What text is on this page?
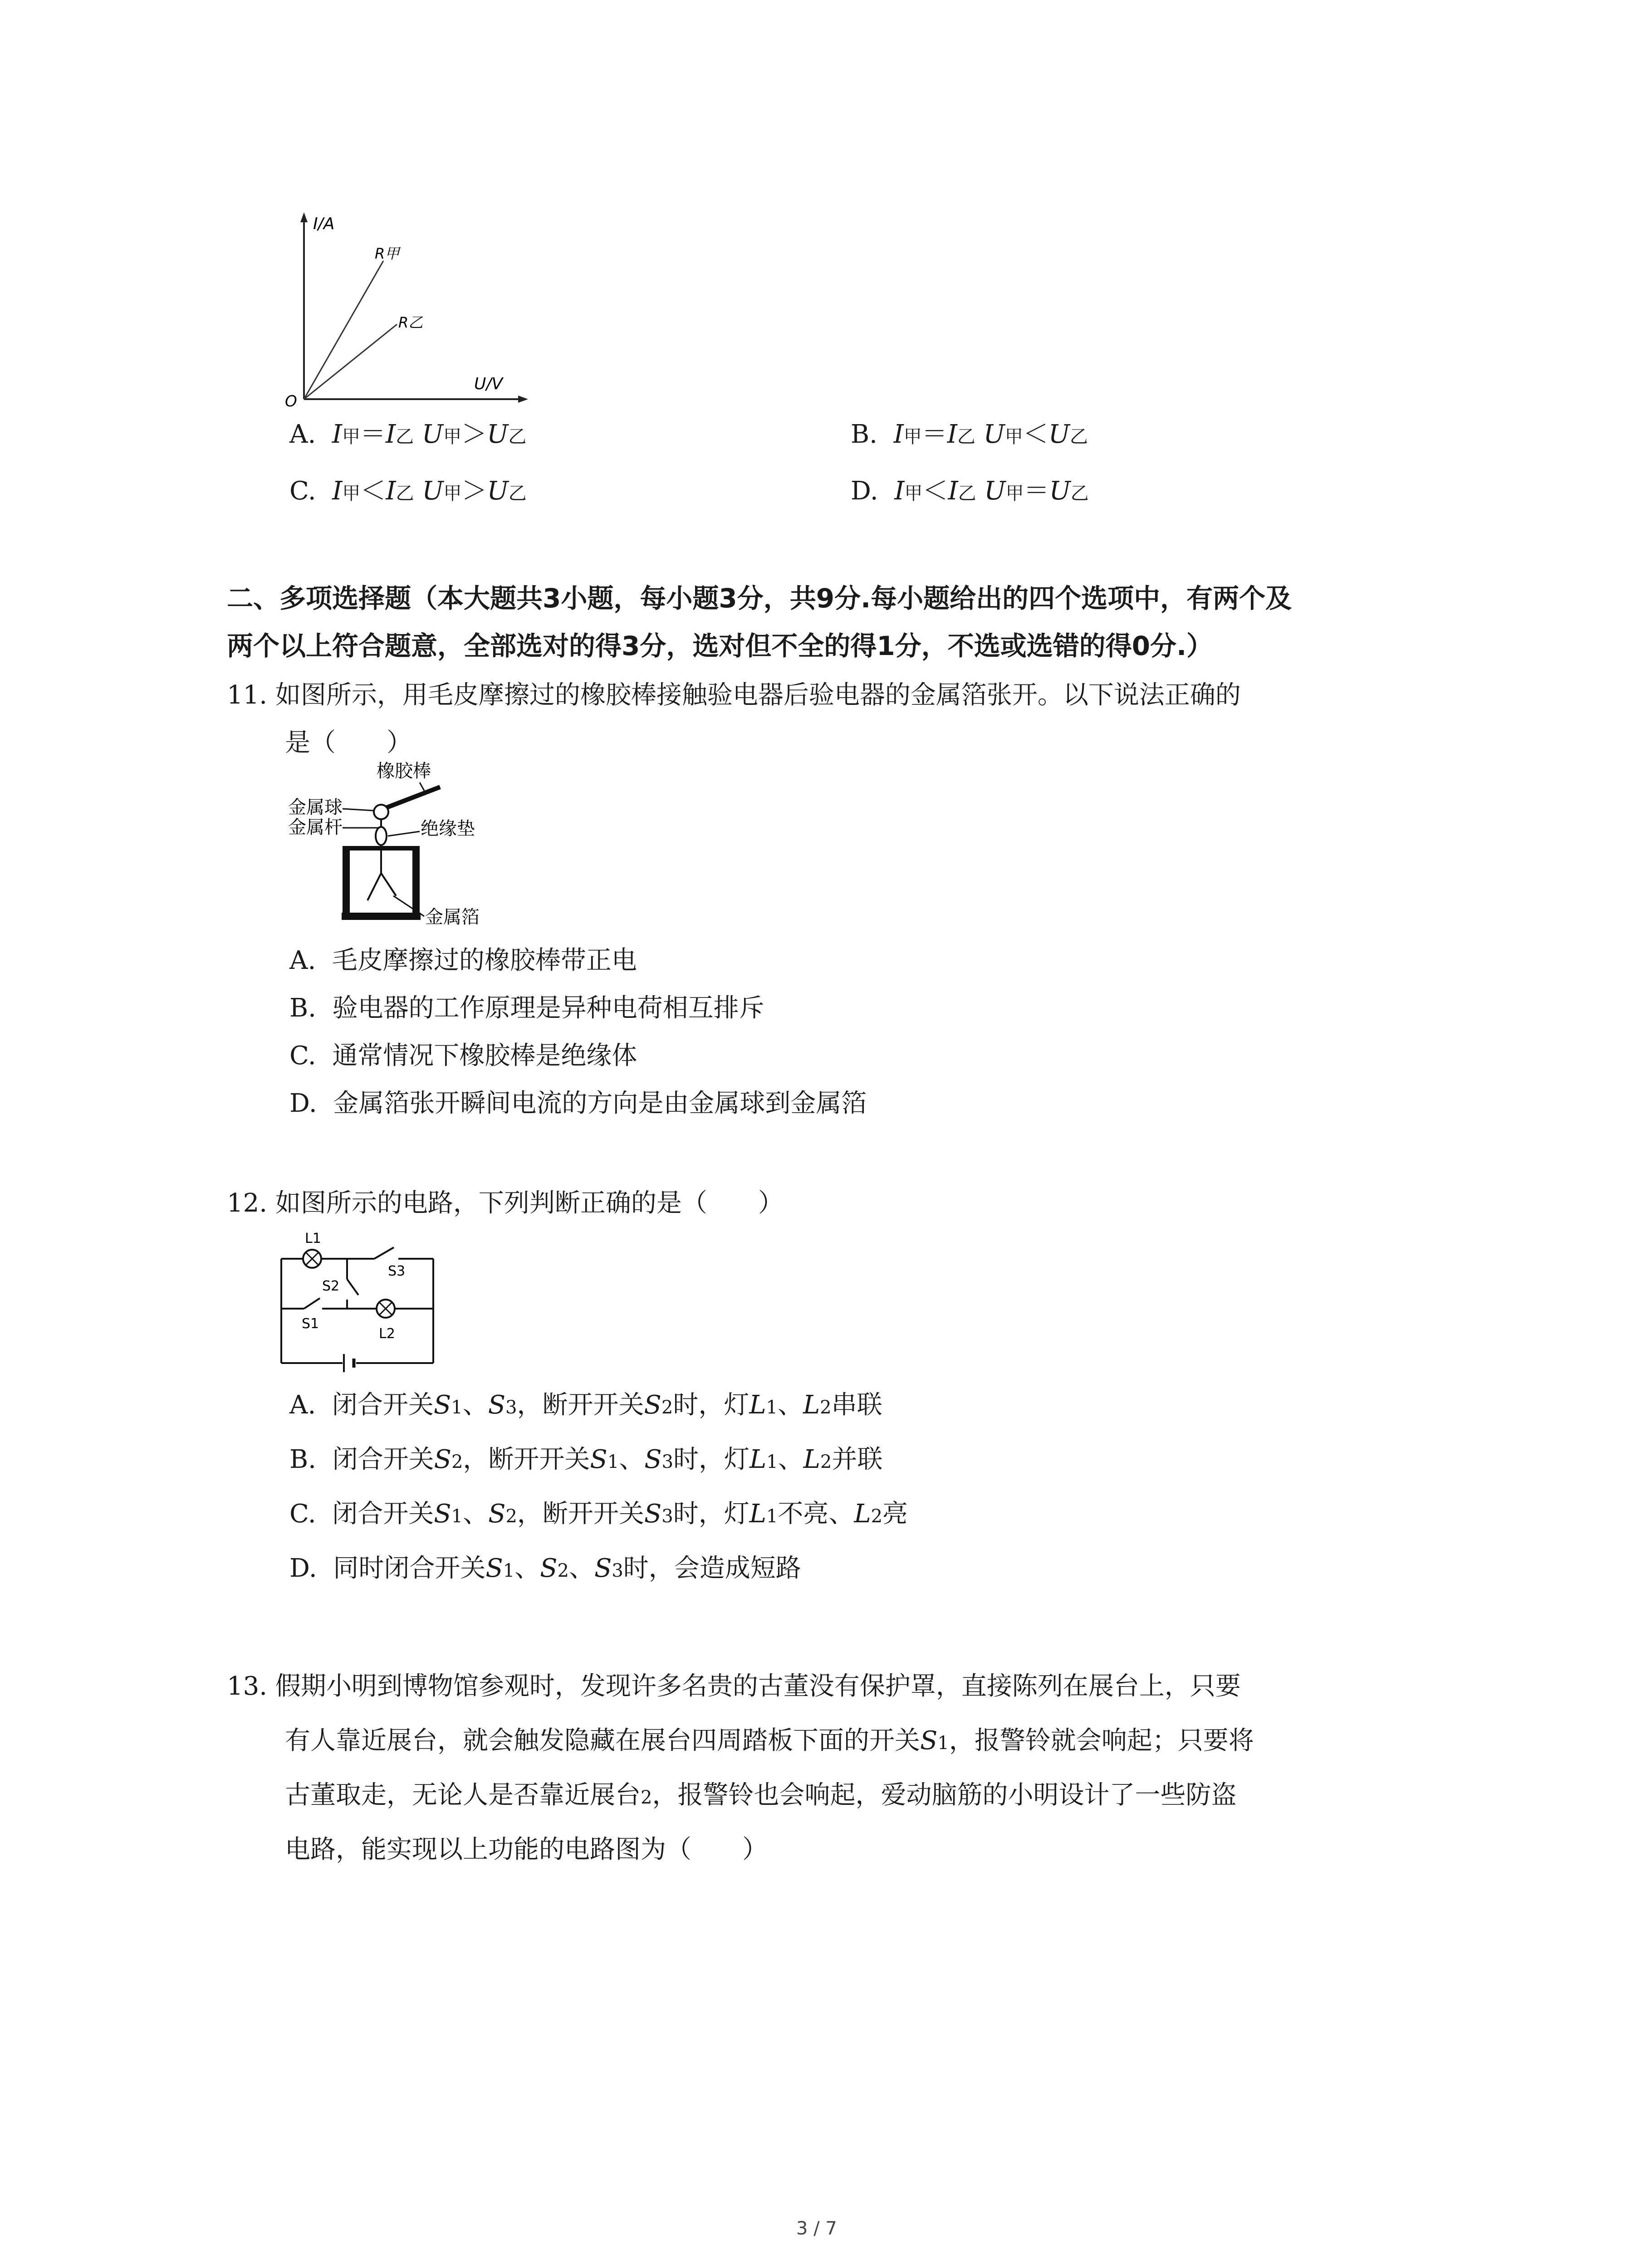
I/A
U/V
O
R甲
R乙
A. I甲＝I乙 U甲＞U乙	B. I甲＝I乙 U甲＜U乙
C. I甲＜I乙 U甲＞U乙	D. I甲＜I乙 U甲＝U乙
二、多项选择题（本大题共3小题，每小题3分，共9分.每小题给出的四个选项中，有两个及
两个以上符合题意，全部选对的得3分，选对但不全的得1分，不选或选错的得0分.）
11. 如图所示，用毛皮摩擦过的橡胶棒接触验电器后验电器的金属箔张开。以下说法正确的
是（　　）
橡胶棒
金属球
金属杆	绝缘垫
金属箔
A. 毛皮摩擦过的橡胶棒带正电
B. 验电器的工作原理是异种电荷相互排斥
C. 通常情况下橡胶棒是绝缘体
D. 金属箔张开瞬间电流的方向是由金属球到金属箔
12. 如图所示的电路，下列判断正确的是（　　）
L1
S3
S2
S1
L2
A. 闭合开关S1、S3，断开开关S2时，灯L1、L2串联
B. 闭合开关S2，断开开关S1、S3时，灯L1、L2并联
C. 闭合开关S1、S2，断开开关S3时，灯L1不亮、L2亮
D. 同时闭合开关S1、S2、S3时，会造成短路
13. 假期小明到博物馆参观时，发现许多名贵的古董没有保护罩，直接陈列在展台上，只要
有人靠近展台，就会触发隐藏在展台四周踏板下面的开关S1，报警铃就会响起；只要将
古董取走，无论人是否靠近展台2，报警铃也会响起，爱动脑筋的小明设计了一些防盗
电路，能实现以上功能的电路图为（　　）
3 / 7
